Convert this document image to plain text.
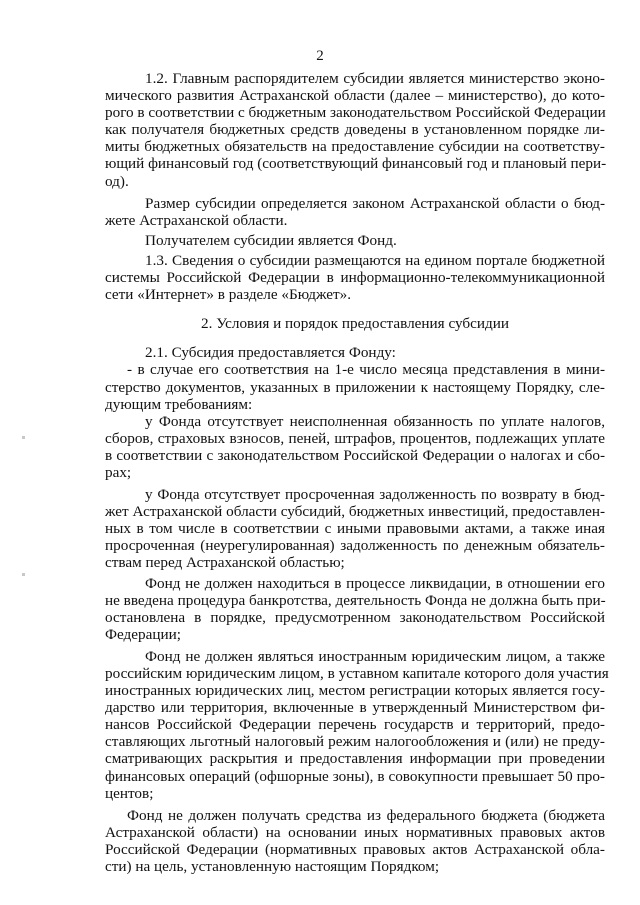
2
1.2. Главным распорядителем субсидии является министерство эконо-
мического развития Астраханской области (далее – министерство), до кото-
рого в соответствии с бюджетным законодательством Российской Федерации
как получателя бюджетных средств доведены в установленном порядке ли-
миты бюджетных обязательств на предоставление субсидии на соответству-
ющий финансовый год (соответствующий финансовый год и плановый пери-
од).
Размер субсидии определяется законом Астраханской области о бюд-
жете Астраханской области.
Получателем субсидии является Фонд.
1.3. Сведения о субсидии размещаются на едином портале бюджетной
системы Российской Федерации в информационно-телекоммуникационной
сети «Интернет» в разделе «Бюджет».
2. Условия и порядок предоставления субсидии
2.1. Субсидия предоставляется Фонду:
- в случае его соответствия на 1-е число месяца представления в мини-
стерство документов, указанных в приложении к настоящему Порядку, сле-
дующим требованиям:
у Фонда отсутствует неисполненная обязанность по уплате налогов,
сборов, страховых взносов, пеней, штрафов, процентов, подлежащих уплате
в соответствии с законодательством Российской Федерации о налогах и сбо-
рах;
у Фонда отсутствует просроченная задолженность по возврату в бюд-
жет Астраханской области субсидий, бюджетных инвестиций, предоставлен-
ных в том числе в соответствии с иными правовыми актами, а также иная
просроченная (неурегулированная) задолженность по денежным обязатель-
ствам перед Астраханской областью;
Фонд не должен находиться в процессе ликвидации, в отношении его
не введена процедура банкротства, деятельность Фонда не должна быть при-
остановлена в порядке, предусмотренном законодательством Российской
Федерации;
Фонд не должен являться иностранным юридическим лицом, а также
российским юридическим лицом, в уставном капитале которого доля участия
иностранных юридических лиц, местом регистрации которых является госу-
дарство или территория, включенные в утвержденный Министерством фи-
нансов Российской Федерации перечень государств и территорий, предо-
ставляющих льготный налоговый режим налогообложения и (или) не преду-
сматривающих раскрытия и предоставления информации при проведении
финансовых операций (офшорные зоны), в совокупности превышает 50 про-
центов;
Фонд не должен получать средства из федерального бюджета (бюджета
Астраханской области) на основании иных нормативных правовых актов
Российской Федерации (нормативных правовых актов Астраханской обла-
сти) на цель, установленную настоящим Порядком;
